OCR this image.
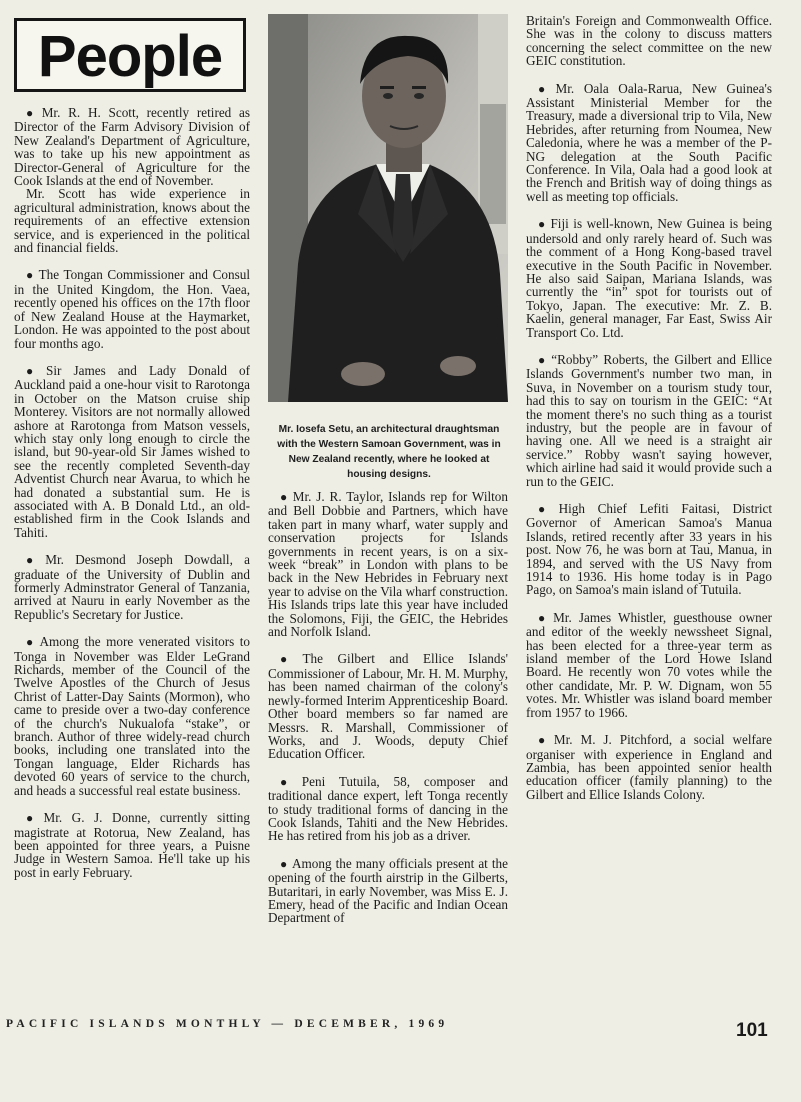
People

● Mr. R. H. Scott, recently retired as Director of the Farm Advisory Division of New Zealand's Department of Agriculture, was to take up his new appointment as Director-General of Agriculture for the Cook Islands at the end of November.

Mr. Scott has wide experience in agricultural administration, knows about the requirements of an effective extension service, and is experienced in the political and financial fields.

● The Tongan Commissioner and Consul in the United Kingdom, the Hon. Vaea, recently opened his offices on the 17th floor of New Zealand House at the Haymarket, London. He was appointed to the post about four months ago.

● Sir James and Lady Donald of Auckland paid a one-hour visit to Rarotonga in October on the Matson cruise ship Monterey. Visitors are not normally allowed ashore at Rarotonga from Matson vessels, which stay only long enough to circle the island, but 90-year-old Sir James wished to see the recently completed Seventh-day Adventist Church near Avarua, to which he had donated a substantial sum. He is associated with A. B Donald Ltd., an old-established firm in the Cook Islands and Tahiti.

● Mr. Desmond Joseph Dowdall, a graduate of the University of Dublin and formerly Adminstrator General of Tanzania, arrived at Nauru in early November as the Republic's Secretary for Justice.

● Among the more venerated visitors to Tonga in November was Elder LeGrand Richards, member of the Council of the Twelve Apostles of the Church of Jesus Christ of Latter-Day Saints (Mormon), who came to preside over a two-day conference of the church's Nukualofa “stake”, or branch. Author of three widely-read church books, including one translated into the Tongan language, Elder Richards has devoted 60 years of service to the church, and heads a successful real estate business.

● Mr. G. J. Donne, currently sitting magistrate at Rotorua, New Zealand, has been appointed for three years, a Puisne Judge in Western Samoa. He'll take up his post in early February.

Mr. Iosefa Setu, an architectural draughtsman with the Western Samoan Government, was in New Zealand recently, where he looked at housing designs.

● Mr. J. R. Taylor, Islands rep for Wilton and Bell Dobbie and Partners, which have taken part in many wharf, water supply and conservation projects for Islands governments in recent years, is on a six-week “break” in London with plans to be back in the New Hebrides in February next year to advise on the Vila wharf construction. His Islands trips late this year have included the Solomons, Fiji, the GEIC, the Hebrides and Norfolk Island.

● The Gilbert and Ellice Islands' Commissioner of Labour, Mr. H. M. Murphy, has been named chairman of the colony's newly-formed Interim Apprenticeship Board. Other board members so far named are Messrs. R. Marshall, Commissioner of Works, and J. Woods, deputy Chief Education Officer.

● Peni Tutuila, 58, composer and traditional dance expert, left Tonga recently to study traditional forms of dancing in the Cook Islands, Tahiti and the New Hebrides. He has retired from his job as a driver.

● Among the many officials present at the opening of the fourth airstrip in the Gilberts, Butaritari, in early November, was Miss E. J. Emery, head of the Pacific and Indian Ocean Department of

Britain's Foreign and Commonwealth Office. She was in the colony to discuss matters concerning the select committee on the new GEIC constitution.

● Mr. Oala Oala-Rarua, New Guinea's Assistant Ministerial Member for the Treasury, made a diversional trip to Vila, New Hebrides, after returning from Noumea, New Caledonia, where he was a member of the P-NG delegation at the South Pacific Conference. In Vila, Oala had a good look at the French and British way of doing things as well as meeting top officials.

● Fiji is well-known, New Guinea is being undersold and only rarely heard of. Such was the comment of a Hong Kong-based travel executive in the South Pacific in November. He also said Saipan, Mariana Islands, was currently the “in” spot for tourists out of Tokyo, Japan. The executive: Mr. Z. B. Kaelin, general manager, Far East, Swiss Air Transport Co. Ltd.

● “Robby” Roberts, the Gilbert and Ellice Islands Government's number two man, in Suva, in November on a tourism study tour, had this to say on tourism in the GEIC: “At the moment there's no such thing as a tourist industry, but the people are in favour of having one. All we need is a straight air service.” Robby wasn't saying however, which airline had said it would provide such a run to the GEIC.

● High Chief Lefiti Faitasi, District Governor of American Samoa's Manua Islands, retired recently after 33 years in his post. Now 76, he was born at Tau, Manua, in 1894, and served with the US Navy from 1914 to 1936. His home today is in Pago Pago, on Samoa's main island of Tutuila.

● Mr. James Whistler, guesthouse owner and editor of the weekly newssheet Signal, has been elected for a three-year term as island member of the Lord Howe Island Board. He recently won 70 votes while the other candidate, Mr. P. W. Dignam, won 55 votes. Mr. Whistler was island board member from 1957 to 1966.

● Mr. M. J. Pitchford, a social welfare organiser with experience in England and Zambia, has been appointed senior health education officer (family planning) to the Gilbert and Ellice Islands Colony.

PACIFIC ISLANDS MONTHLY — DECEMBER, 1969	101
